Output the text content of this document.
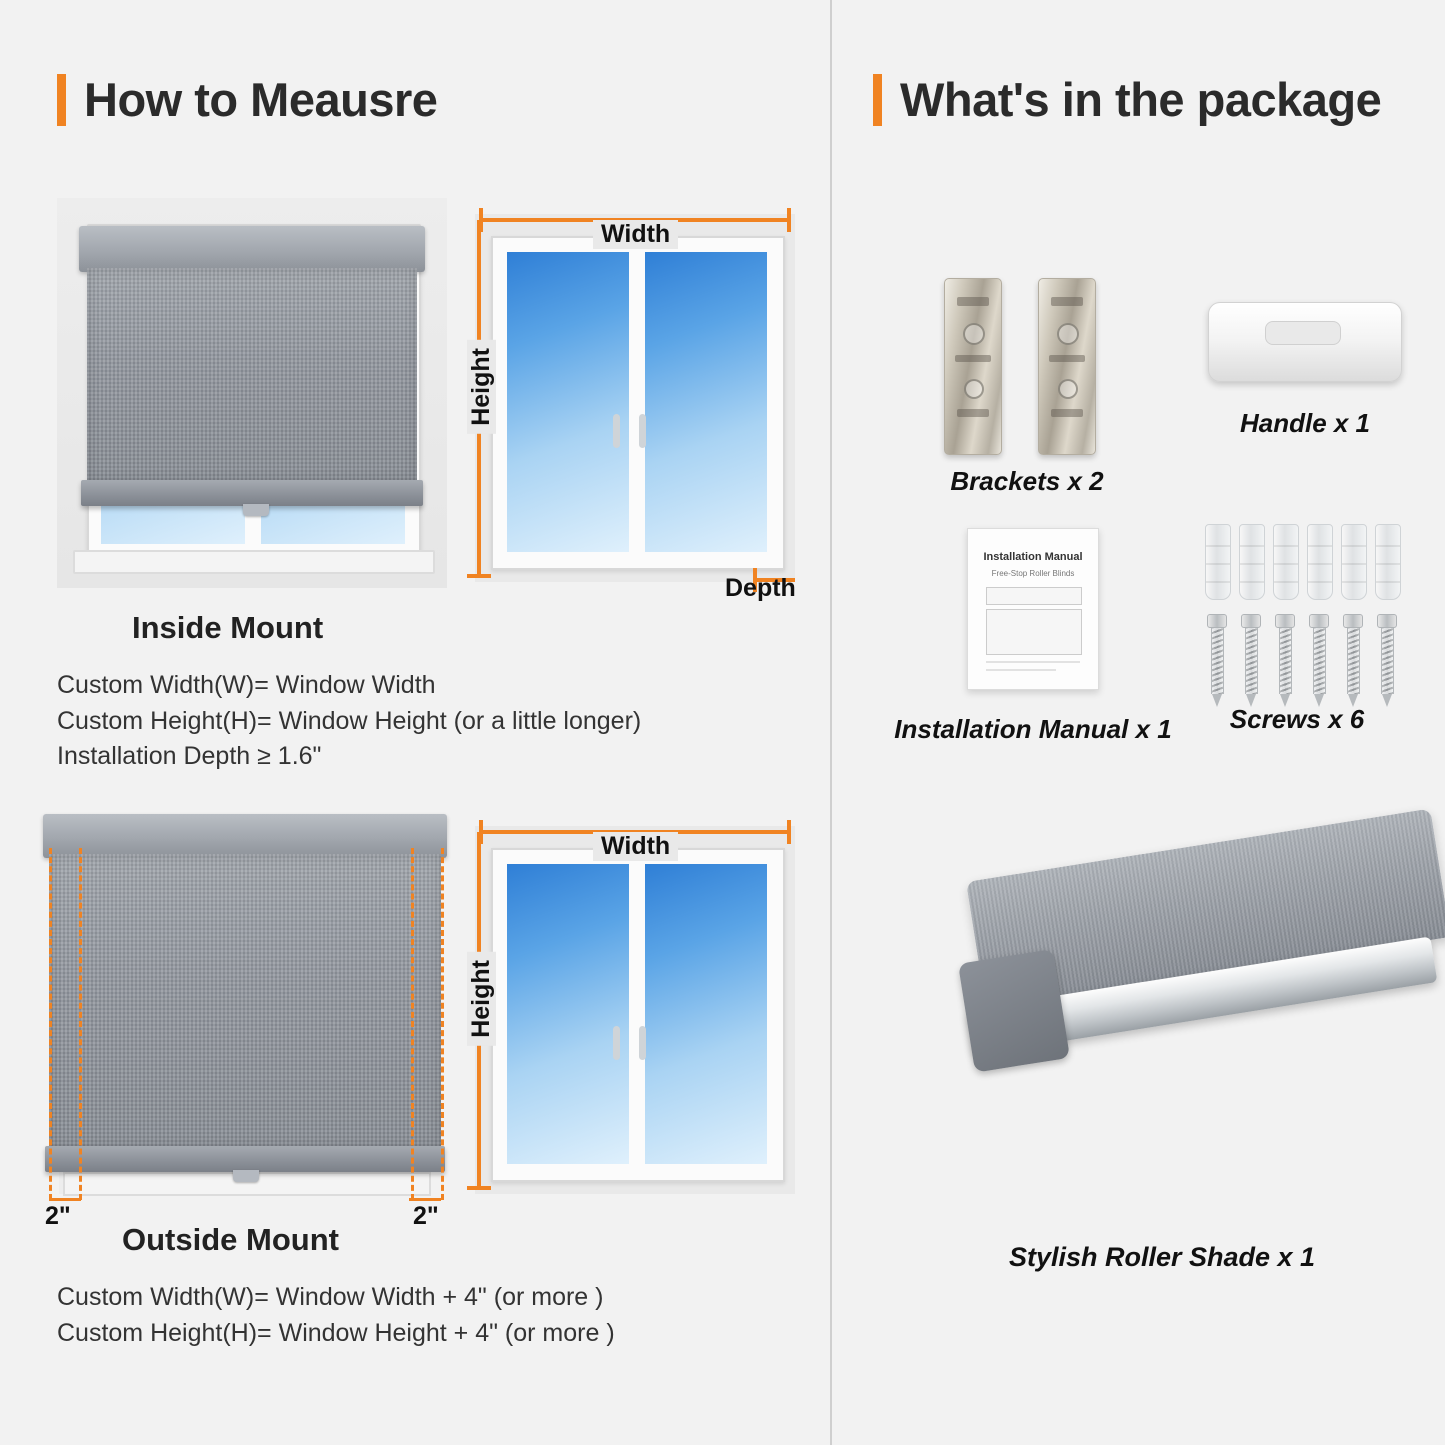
How to Meausre
Width
Height
Depth
Inside Mount
Custom Width(W)= Window Width
Custom Height(H)= Window Height (or a little longer)
Installation Depth ≥ 1.6"
2"	2"
Width
Height
Outside Mount
Custom Width(W)= Window Width + 4" (or more )
Custom Height(H)= Window Height + 4" (or more )
What's in the package
Brackets x 2
Handle x 1
Installation Manual
Free-Stop Roller Blinds
Installation Manual x 1	Screws x 6
Stylish Roller Shade x 1
